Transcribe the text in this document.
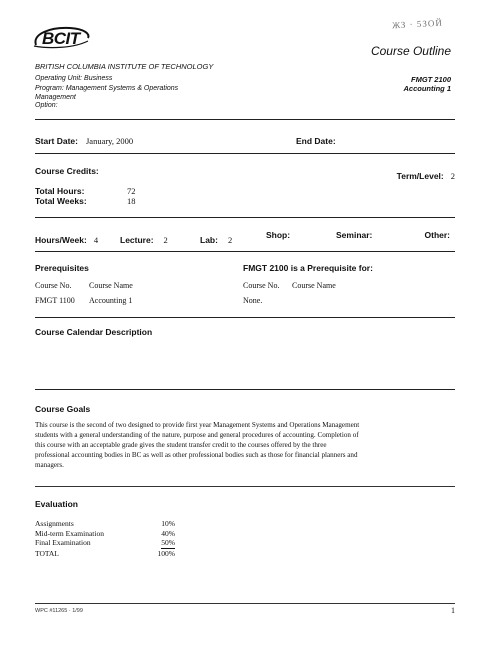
ЖЗ · 5ЗОЙ
BCIT
Course Outline
FMGT 2100
Accounting 1
BRITISH COLUMBIA INSTITUTE OF TECHNOLOGY
Operating Unit: Business
Program: Management Systems & Operations Management
Option:
Start Date: January, 2000	End Date:
Course Credits:	Term/Level: 2
Total Hours:	72
Total Weeks:	18
Hours/Week: 4	Lecture: 2	Lab: 2	Shop:	Seminar:	Other:
Prerequisites
Course No. Course Name
FMGT 1100 Accounting 1
FMGT 2100 is a Prerequisite for:
Course No. Course Name
None.
Course Calendar Description
Course Goals
This course is the second of two designed to provide first year Management Systems and Operations Management
students with a general understanding of the nature, purpose and general procedures of accounting. Completion of
this course with an acceptable grade gives the student transfer credit to the courses offered by the three
professional accounting bodies in BC as well as other professional bodies such as those for financial planners and
managers.
Evaluation
Assignments	10%
Mid-term Examination	40%
Final Examination	50%
TOTAL	100%
WPC #11265 · 1/99	1
